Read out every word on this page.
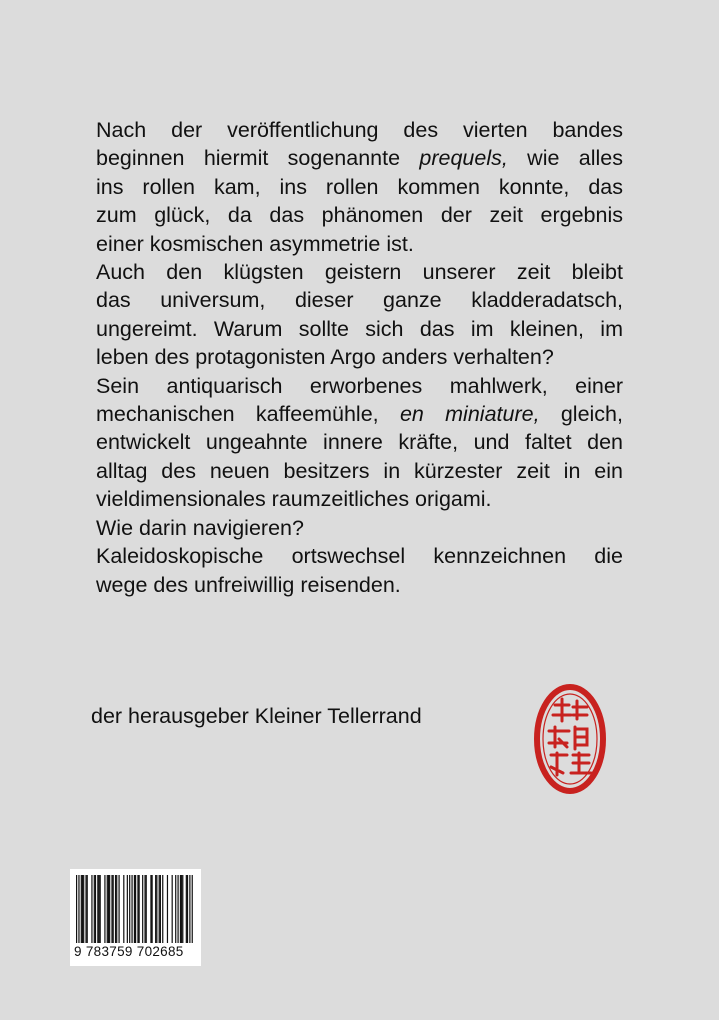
Nach der veröffentlichung des vierten bandes
beginnen hiermit sogenannte prequels, wie alles
ins rollen kam, ins rollen kommen konnte, das
zum glück, da das phänomen der zeit ergebnis
einer kosmischen asymmetrie ist.
Auch den klügsten geistern unserer zeit bleibt
das universum, dieser ganze kladderadatsch,
ungereimt. Warum sollte sich das im kleinen, im
leben des protagonisten Argo anders verhalten?
Sein antiquarisch erworbenes mahlwerk, einer
mechanischen kaffeemühle, en miniature, gleich,
entwickelt ungeahnte innere kräfte, und faltet den
alltag des neuen besitzers in kürzester zeit in ein
vieldimensionales raumzeitliches origami.
Wie darin navigieren?
Kaleidoskopische ortswechsel kennzeichnen die
wege des unfreiwillig reisenden.
der herausgeber Kleiner Tellerrand
9 783759 702685
